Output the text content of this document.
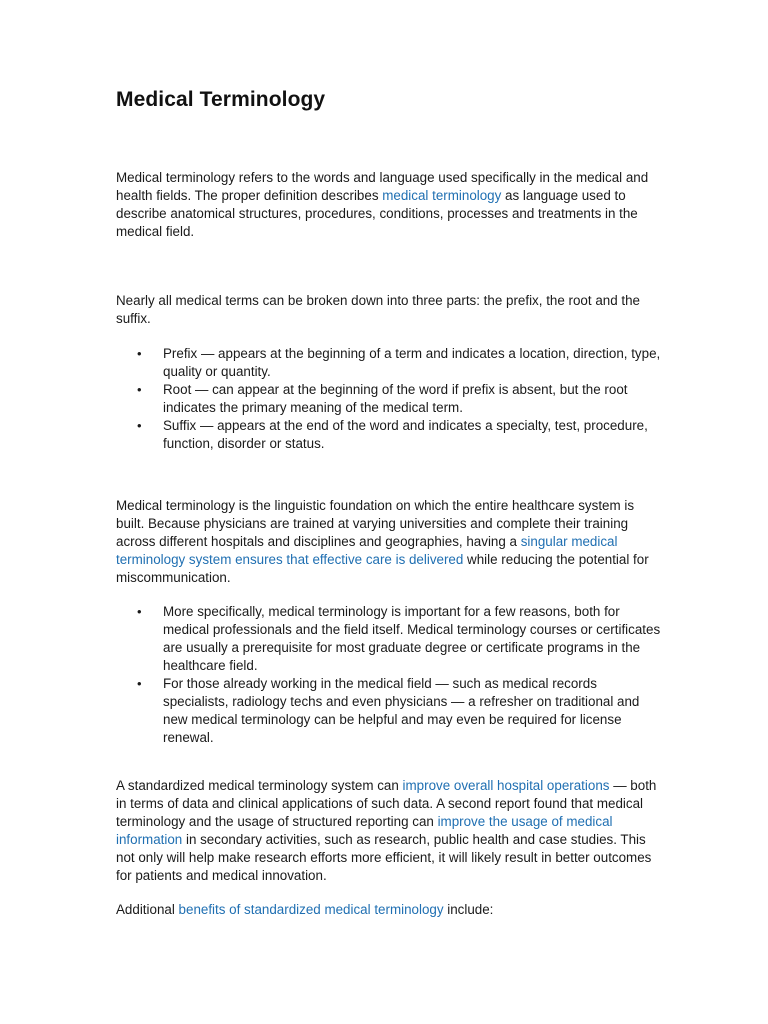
Medical Terminology

Medical terminology refers to the words and language used specifically in the medical and health fields. The proper definition describes medical terminology as language used to describe anatomical structures, procedures, conditions, processes and treatments in the medical field.

Nearly all medical terms can be broken down into three parts: the prefix, the root and the suffix.

• Prefix — appears at the beginning of a term and indicates a location, direction, type, quality or quantity.
• Root — can appear at the beginning of the word if prefix is absent, but the root indicates the primary meaning of the medical term.
• Suffix — appears at the end of the word and indicates a specialty, test, procedure, function, disorder or status.

Medical terminology is the linguistic foundation on which the entire healthcare system is built. Because physicians are trained at varying universities and complete their training across different hospitals and disciplines and geographies, having a singular medical terminology system ensures that effective care is delivered while reducing the potential for miscommunication.

• More specifically, medical terminology is important for a few reasons, both for medical professionals and the field itself. Medical terminology courses or certificates are usually a prerequisite for most graduate degree or certificate programs in the healthcare field.
• For those already working in the medical field — such as medical records specialists, radiology techs and even physicians — a refresher on traditional and new medical terminology can be helpful and may even be required for license renewal.

A standardized medical terminology system can improve overall hospital operations — both in terms of data and clinical applications of such data. A second report found that medical terminology and the usage of structured reporting can improve the usage of medical information in secondary activities, such as research, public health and case studies. This not only will help make research efforts more efficient, it will likely result in better outcomes for patients and medical innovation.

Additional benefits of standardized medical terminology include:
